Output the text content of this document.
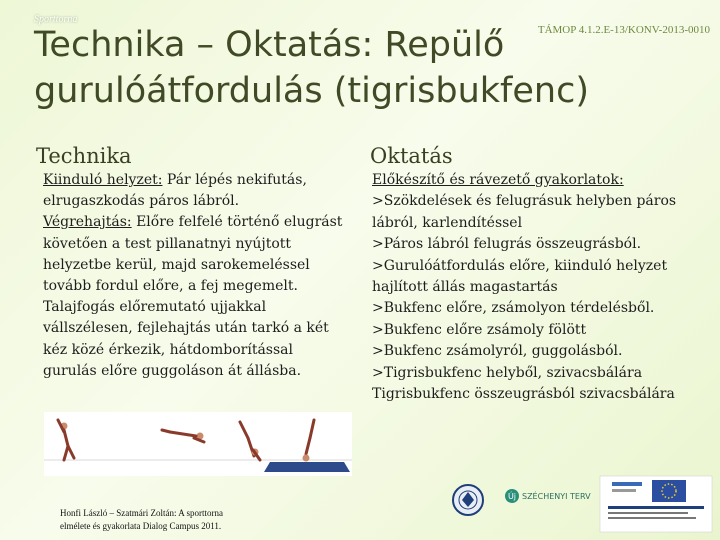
Sporttorna
TÁMOP 4.1.2.E-13/KONV-2013-0010
Technika – Oktatás: Repülő gurulóátfordulás (tigrisbukfenc)
Technika	Oktatás

Kiinduló helyzet: Pár lépés nekifutás, elrugaszkodás páros lábról.

Végrehajtás: Előre felfelé történő elugrást követően a test pillanatnyi nyújtott helyzetbe kerül, majd sarokemeléssel tovább fordul előre, a fej megemelt. Talajfogás előremutató ujjakkal vállszélesen, fejlehajtás után tarkó a két kéz közé érkezik, hátdomborítással gurulás előre guggoláson át állásba.

Honfi László – Szatmári Zoltán: A sporttorna
elmélete és gyakorlata Dialog Campus 2011.

Előkészítő és rávezető gyakorlatok:

>Szökdelések és felugrásuk helyben páros lábról, karlendítéssel

>Páros lábról felugrás összeugrásból.

>Gurulóátfordulás előre, kiinduló helyzet hajlított állás magastartás

>Bukfenc előre, zsámolyon térdelésből.

>Bukfenc előre zsámoly fölött

>Bukfenc zsámolyról, guggolásból.

>Tigrisbukfenc helyből, szivacsbálára

Tigrisbukfenc összeugrásból szivacsbálára

Új SZÉCHENYI TERV
